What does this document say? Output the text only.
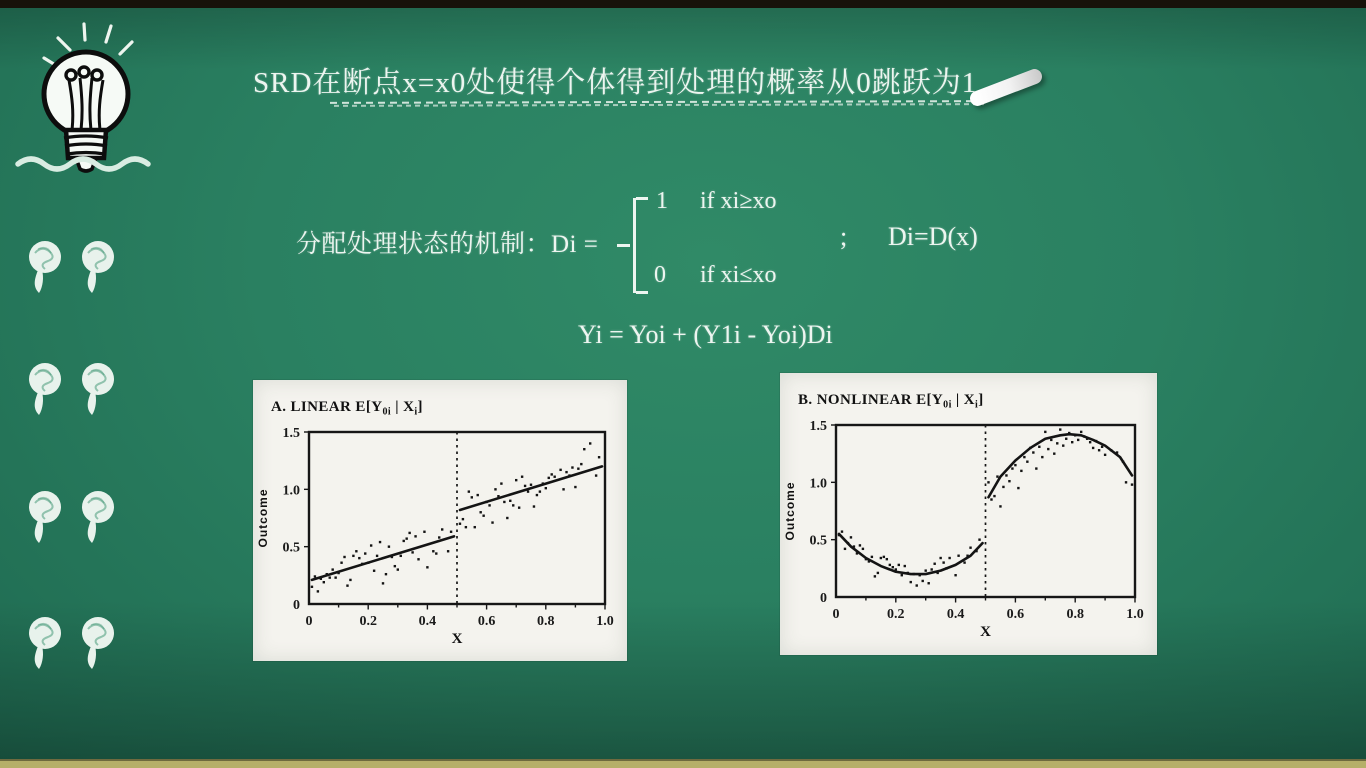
SRD在断点x=x0处使得个体得到处理的概率从0跳跃为1
分配处理状态的机制：Di =
1 if xi≥xo
0 if xi≤xo
; Di=D(x)
Yi = Yoi + (Y1i - Yoi)Di
0	0.2	0.4	0.6	0.8	1.0
0
0.5
1.0
1.5
X
Outcome
A. LINEAR $E[Y_{0i}$ | $X_i$]
0	0.2	0.4	0.6	0.8	1.0
0
0.5
1.0
1.5
X
Outcome
B. NONLINEAR $E[Y_{0i}$ | $X_i$]
